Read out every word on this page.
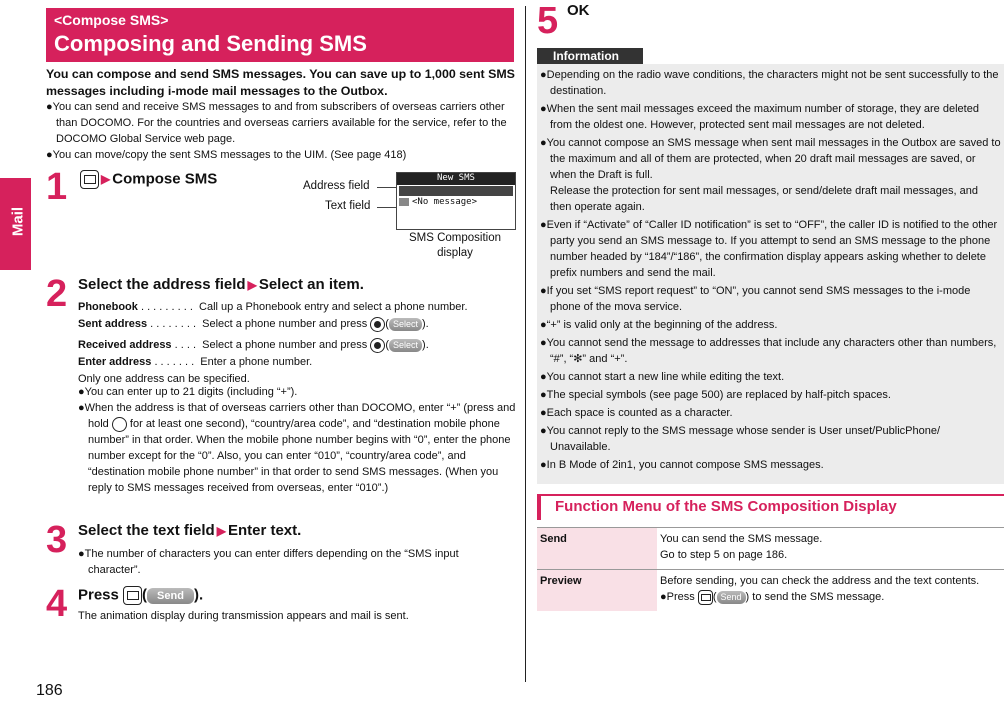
Mail
186
<Compose SMS>
Composing and Sending SMS
You can compose and send SMS messages. You can save up to 1,000 sent SMS messages including i-mode mail messages to the Outbox.
●You can send and receive SMS messages to and from subscribers of overseas carriers other than DOCOMO. For the countries and overseas carriers available for the service, refer to the DOCOMO Global Service web page.
●You can move/copy the sent SMS messages to the UIM. (See page 418)
1	▶ Compose SMS	Address field
Text field
New SMS
<No message>
SMS Composition display
2 Select the address field ▶ Select an item.
Phonebook . . . . . . . . . Call up a Phonebook entry and select a phone number.
Sent address . . . . . . . . Select a phone number and press ( Select ).
Received address . . . . Select a phone number and press ( Select ).
Enter address . . . . . . . Enter a phone number.
Only one address can be specified.
●You can enter up to 21 digits (including “+”).
●When the address is that of overseas carriers other than DOCOMO, enter “+” (press and hold for at least one second), “country/area code”, and “destination mobile phone number” in that order. When the mobile phone number begins with “0”, enter the phone number except for the “0”. Also, you can enter “010”, “country/area code”, and “destination mobile phone number” in that order to send SMS messages. (When you reply to SMS messages received from overseas, enter “010”.)
3 Select the text field ▶ Enter text.
●The number of characters you can enter differs depending on the “SMS input character”.
4 Press ( Send ).
The animation display during transmission appears and mail is sent.
5 OK
Information
●Depending on the radio wave conditions, the characters might not be sent successfully to the destination.
●When the sent mail messages exceed the maximum number of storage, they are deleted from the oldest one. However, protected sent mail messages are not deleted.
●You cannot compose an SMS message when sent mail messages in the Outbox are saved to the maximum and all of them are protected, when 20 draft mail messages are saved, or when the Draft is full.
Release the protection for sent mail messages, or send/delete draft mail messages, and then operate again.
●Even if “Activate” of “Caller ID notification” is set to “OFF”, the caller ID is notified to the other party you send an SMS message to. If you attempt to send an SMS message to the phone number headed by “184”/“186”, the confirmation display appears asking whether to delete prefix numbers and send the mail.
●If you set “SMS report request” to “ON”, you cannot send SMS messages to the i-mode phone of the mova service.
●“+” is valid only at the beginning of the address.
●You cannot send the message to addresses that include any characters other than numbers, “#”, “✻” and “+”.
●You cannot start a new line while editing the text.
●The special symbols (see page 500) are replaced by half-pitch spaces.
●Each space is counted as a character.
●You cannot reply to the SMS message whose sender is User unset/PublicPhone/ Unavailable.
●In B Mode of 2in1, you cannot compose SMS messages.
Function Menu of the SMS Composition Display
Send	You can send the SMS message.
Go to step 5 on page 186.

Preview	Before sending, you can check the address and the text contents.
●Press ( Send ) to send the SMS message.
